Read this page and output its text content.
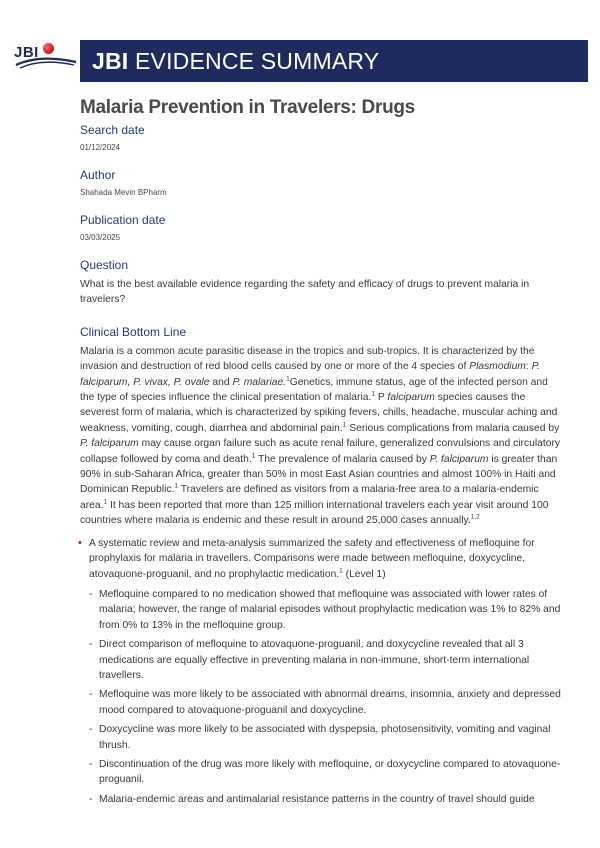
JBI	JBI EVIDENCE SUMMARY
Malaria Prevention in Travelers: Drugs
Search date
01/12/2024
Author
Shahada Mevin BPharm
Publication date
03/03/2025
Question

What is the best available evidence regarding the safety and efficacy of drugs to prevent malaria in travelers?

Clinical Bottom Line

Malaria is a common acute parasitic disease in the tropics and sub-tropics. It is characterized by the invasion and destruction of red blood cells caused by one or more of the 4 species of Plasmodium: P. falciparum, P. vivax, P. ovale and P. malariae.$^1$Genetics, immune status, age of the infected person and the type of species influence the clinical presentation of malaria.$^1$ P falciparum species causes the severest form of malaria, which is characterized by spiking fevers, chills, headache, muscular aching and weakness, vomiting, cough, diarrhea and abdominal pain.$^1$ Serious complications from malaria caused by P. falciparum may cause organ failure such as acute renal failure, generalized convulsions and circulatory collapse followed by coma and death.$^1$ The prevalence of malaria caused by P. falciparum is greater than 90% in sub-Saharan Africa, greater than 50% in most East Asian countries and almost 100% in Haiti and Dominican Republic.$^1$ Travelers are defined as visitors from a malaria-free area to a malaria-endemic area.$^1$ It has been reported that more than 125 million international travelers each year visit around 100 countries where malaria is endemic and these result in around 25,000 cases annually.$^{1,2}$

• A systematic review and meta-analysis summarized the safety and effectiveness of mefloquine for prophylaxis for malaria in travellers. Comparisons were made between mefloquine, doxycycline, atovaquone-proguanil, and no prophylactic medication.$^1$ (Level 1)
- Mefloquine compared to no medication showed that mefloquine was associated with lower rates of malaria; however, the range of malarial episodes without prophylactic medication was 1% to 82% and from 0% to 13% in the mefloquine group.
- Direct comparison of mefloquine to atovaquone-proguanil, and doxycycline revealed that all 3 medications are equally effective in preventing malaria in non-immune, short-term international travellers.
- Mefloquine was more likely to be associated with abnormal dreams, insomnia, anxiety and depressed mood compared to atovaquone-proguanil and doxycycline.
- Doxycycline was more likely to be associated with dyspepsia, photosensitivity, vomiting and vaginal thrush.
- Discontinuation of the drug was more likely with mefloquine, or doxycycline compared to atovaquone-proguanil.
- Malaria-endemic areas and antimalarial resistance patterns in the country of travel should guide
